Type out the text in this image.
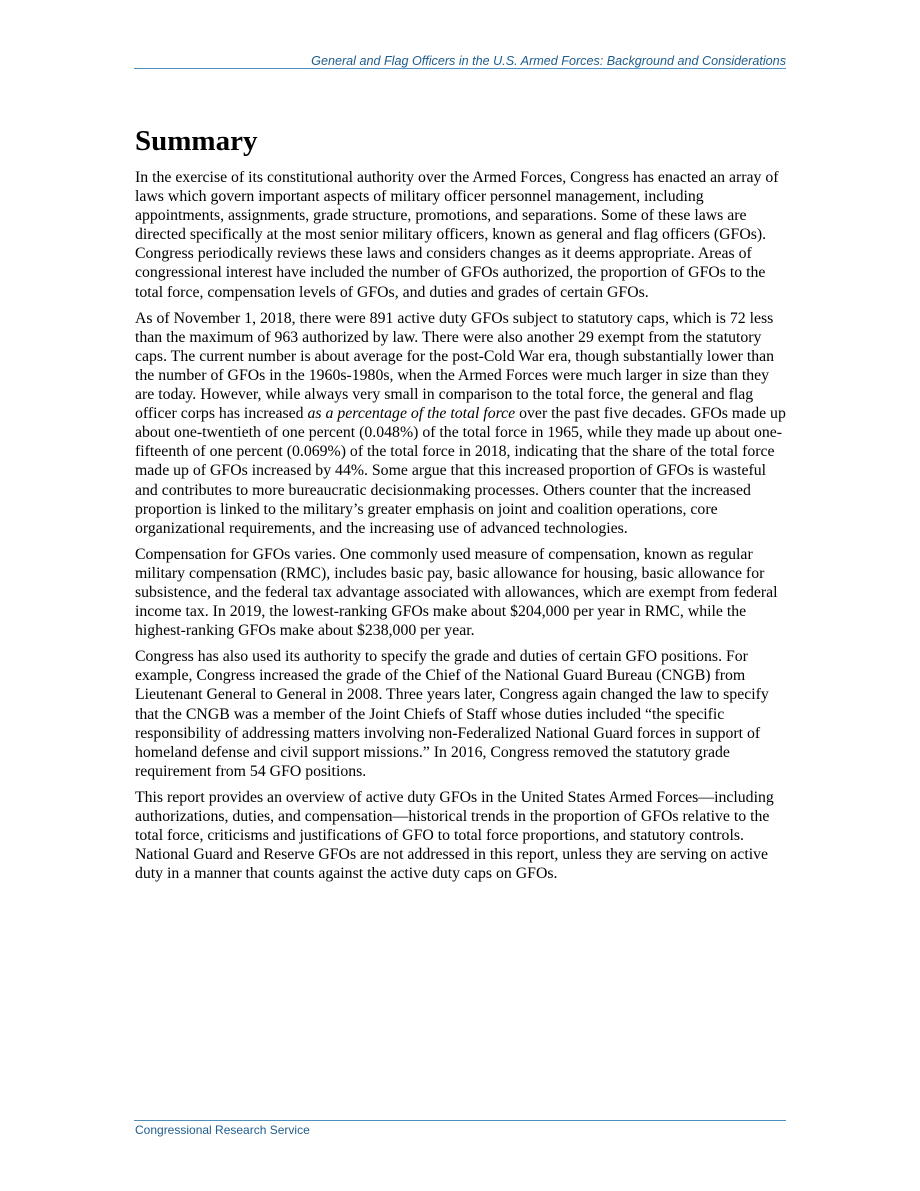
General and Flag Officers in the U.S. Armed Forces: Background and Considerations
Summary

In the exercise of its constitutional authority over the Armed Forces, Congress has enacted an array of laws which govern important aspects of military officer personnel management, including appointments, assignments, grade structure, promotions, and separations. Some of these laws are directed specifically at the most senior military officers, known as general and flag officers (GFOs). Congress periodically reviews these laws and considers changes as it deems appropriate. Areas of congressional interest have included the number of GFOs authorized, the proportion of GFOs to the total force, compensation levels of GFOs, and duties and grades of certain GFOs.

As of November 1, 2018, there were 891 active duty GFOs subject to statutory caps, which is 72 less than the maximum of 963 authorized by law. There were also another 29 exempt from the statutory caps. The current number is about average for the post-Cold War era, though substantially lower than the number of GFOs in the 1960s-1980s, when the Armed Forces were much larger in size than they are today. However, while always very small in comparison to the total force, the general and flag officer corps has increased as a percentage of the total force over the past five decades. GFOs made up about one-twentieth of one percent (0.048%) of the total force in 1965, while they made up about one-fifteenth of one percent (0.069%) of the total force in 2018, indicating that the share of the total force made up of GFOs increased by 44%. Some argue that this increased proportion of GFOs is wasteful and contributes to more bureaucratic decisionmaking processes. Others counter that the increased proportion is linked to the military’s greater emphasis on joint and coalition operations, core organizational requirements, and the increasing use of advanced technologies.

Compensation for GFOs varies. One commonly used measure of compensation, known as regular military compensation (RMC), includes basic pay, basic allowance for housing, basic allowance for subsistence, and the federal tax advantage associated with allowances, which are exempt from federal income tax. In 2019, the lowest-ranking GFOs make about $204,000 per year in RMC, while the highest-ranking GFOs make about $238,000 per year.

Congress has also used its authority to specify the grade and duties of certain GFO positions. For example, Congress increased the grade of the Chief of the National Guard Bureau (CNGB) from Lieutenant General to General in 2008. Three years later, Congress again changed the law to specify that the CNGB was a member of the Joint Chiefs of Staff whose duties included “the specific responsibility of addressing matters involving non-Federalized National Guard forces in support of homeland defense and civil support missions.” In 2016, Congress removed the statutory grade requirement from 54 GFO positions.

This report provides an overview of active duty GFOs in the United States Armed Forces—including authorizations, duties, and compensation—historical trends in the proportion of GFOs relative to the total force, criticisms and justifications of GFO to total force proportions, and statutory controls. National Guard and Reserve GFOs are not addressed in this report, unless they are serving on active duty in a manner that counts against the active duty caps on GFOs.

Congressional Research Service
